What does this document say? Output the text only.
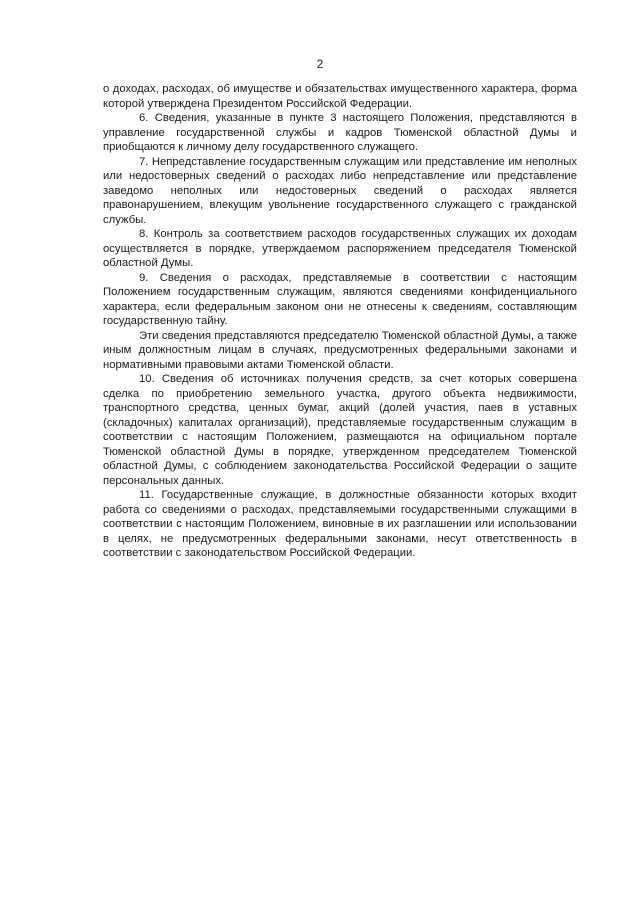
2

о доходах, расходах, об имуществе и обязательствах имущественного характера, форма которой утверждена Президентом Российской Федерации.

6. Сведения, указанные в пункте 3 настоящего Положения, представляются в управление государственной службы и кадров Тюменской областной Думы и приобщаются к личному делу государственного служащего.

7. Непредставление государственным служащим или представление им неполных или недостоверных сведений о расходах либо непредставление или представление заведомо неполных или недостоверных сведений о расходах является правонарушением, влекущим увольнение государственного служащего с гражданской службы.

8. Контроль за соответствием расходов государственных служащих их доходам осуществляется в порядке, утверждаемом распоряжением председателя Тюменской областной Думы.

9. Сведения о расходах, представляемые в соответствии с настоящим Положением государственным служащим, являются сведениями конфиденциального характера, если федеральным законом они не отнесены к сведениям, составляющим государственную тайну.

Эти сведения представляются председателю Тюменской областной Думы, а также иным должностным лицам в случаях, предусмотренных федеральными законами и нормативными правовыми актами Тюменской области.

10. Сведения об источниках получения средств, за счет которых совершена сделка по приобретению земельного участка, другого объекта недвижимости, транспортного средства, ценных бумаг, акций (долей участия, паев в уставных (складочных) капиталах организаций), представляемые государственным служащим в соответствии с настоящим Положением, размещаются на официальном портале Тюменской областной Думы в порядке, утвержденном председателем Тюменской областной Думы, с соблюдением законодательства Российской Федерации о защите персональных данных.

11. Государственные служащие, в должностные обязанности которых входит работа со сведениями о расходах, представляемыми государственными служащими в соответствии с настоящим Положением, виновные в их разглашении или использовании в целях, не предусмотренных федеральными законами, несут ответственность в соответствии с законодательством Российской Федерации.
